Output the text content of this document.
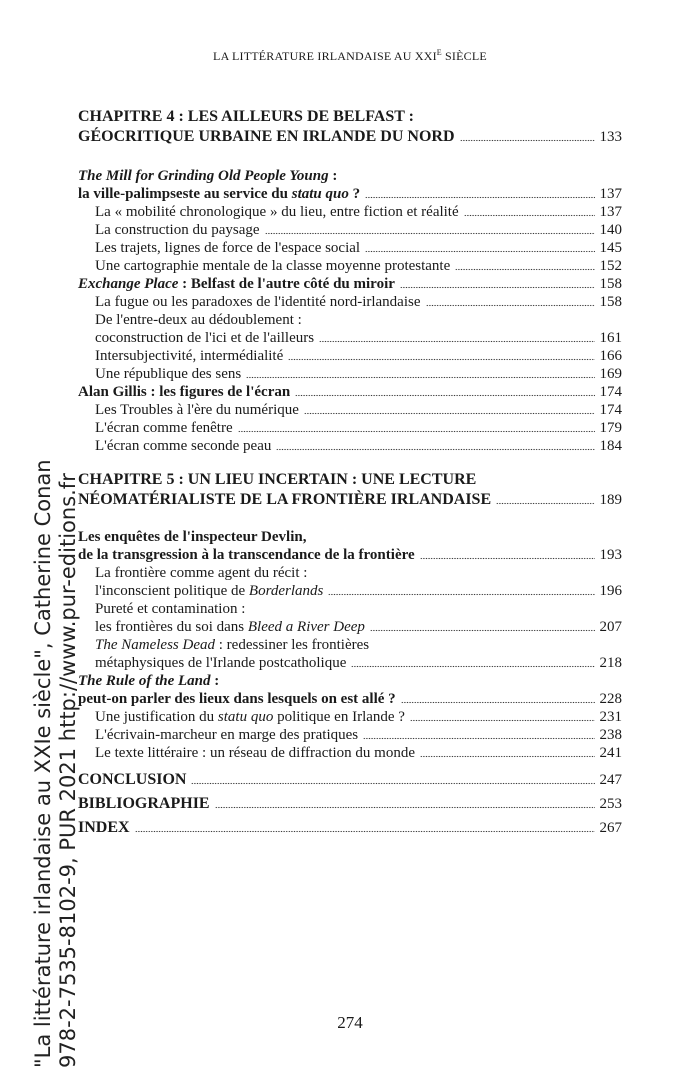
LA LITTÉRATURE IRLANDAISE AU $XXI^E$ SIÈCLE
"La littérature irlandaise au XXIe siècle", Catherine Conan 978-2-7535-8102-9, PUR 2021 http://www.pur-editions.fr
CHAPITRE 4 : LES AILLEURS DE BELFAST :
GÉOCRITIQUE URBAINE EN IRLANDE DU NORD	133
The Mill for Grinding Old People Young :
la ville-palimpseste au service du statu quo ?	137
La « mobilité chronologique » du lieu, entre fiction et réalité	137
La construction du paysage	140
Les trajets, lignes de force de l'espace social	145
Une cartographie mentale de la classe moyenne protestante	152
Exchange Place : Belfast de l'autre côté du miroir	158
La fugue ou les paradoxes de l'identité nord-irlandaise	158
De l'entre-deux au dédoublement :
coconstruction de l'ici et de l'ailleurs	161
Intersubjectivité, intermédialité	166
Une république des sens	169
Alan Gillis : les figures de l'écran	174
Les Troubles à l'ère du numérique	174
L'écran comme fenêtre	179
L'écran comme seconde peau	184
CHAPITRE 5 : UN LIEU INCERTAIN : UNE LECTURE
NÉOMATÉRIALISTE DE LA FRONTIÈRE IRLANDAISE	189
Les enquêtes de l'inspecteur Devlin,
de la transgression à la transcendance de la frontière	193
La frontière comme agent du récit :
l'inconscient politique de Borderlands	196
Pureté et contamination :
les frontières du soi dans Bleed a River Deep	207
The Nameless Dead : redessiner les frontières
métaphysiques de l'Irlande postcatholique	218
The Rule of the Land :
peut-on parler des lieux dans lesquels on est allé ?	228
Une justification du statu quo politique en Irlande ?	231
L'écrivain-marcheur en marge des pratiques	238
Le texte littéraire : un réseau de diffraction du monde	241
CONCLUSION	247
BIBLIOGRAPHIE	253
INDEX	267
274
